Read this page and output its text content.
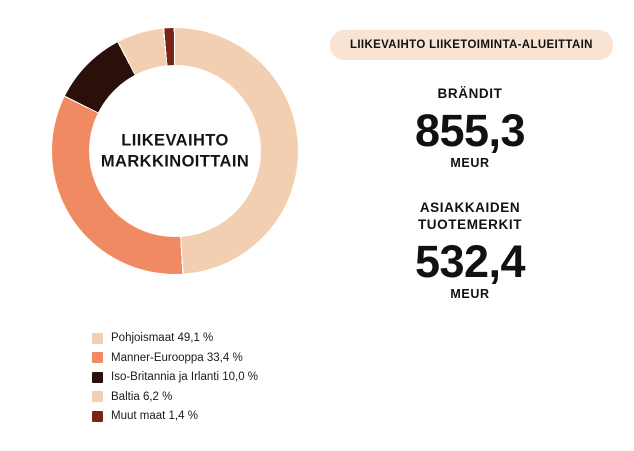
LIIKEVAIHTO
MARKKINOITTAIN
Pohjoismaat 49,1 %
Manner-Eurooppa 33,4 %
Iso-Britannia ja Irlanti 10,0 %
Baltia 6,2 %
Muut maat 1,4 %
LIIKEVAIHTO LIIKETOIMINTA-ALUEITTAIN
BRÄNDIT
855,3
MEUR
ASIAKKAIDEN
TUOTEMERKIT
532,4
MEUR
